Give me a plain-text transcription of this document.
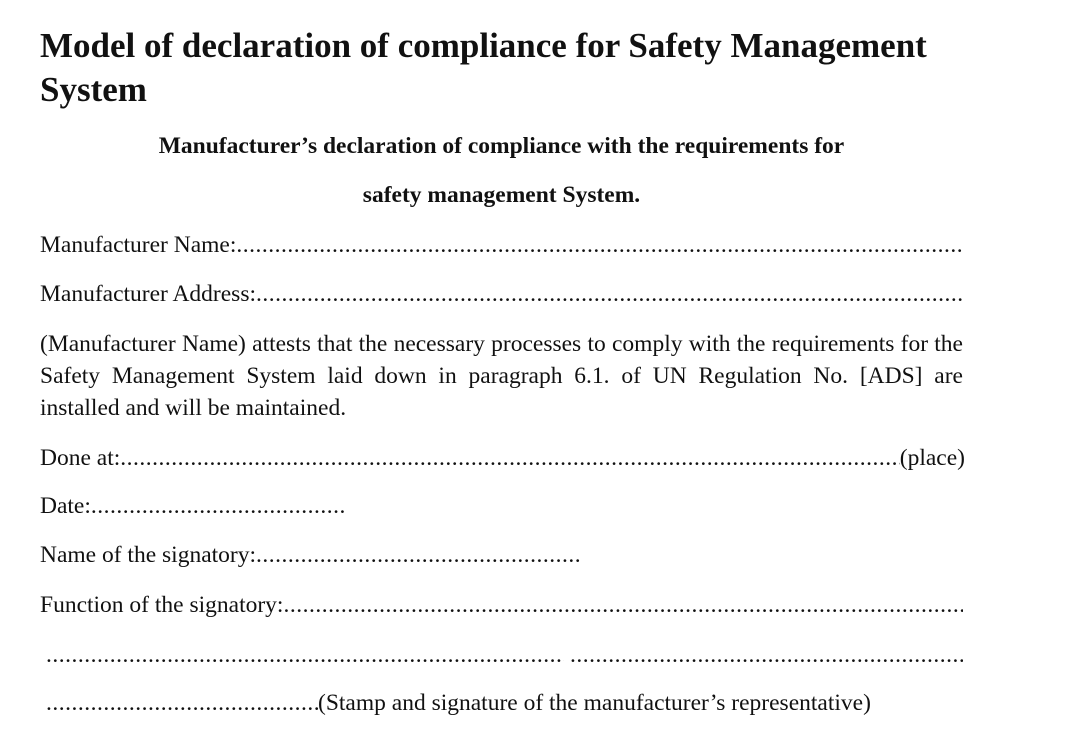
Model of declaration of compliance for Safety Management System

Manufacturer’s declaration of compliance with the requirements for

safety management System.

Manufacturer Name:
.....
Manufacturer Address:
.....

(Manufacturer Name) attests that the necessary processes to comply with the requirements for the Safety Management System laid down in paragraph 6.1. of UN Regulation No. [ADS] are installed and will be maintained.

Done at: .....	(place)
Date:
.....
Name of the signatory:
.....
Function of the signatory:
.....
.....
.....
.....
(Stamp and signature of the manufacturer’s representative)
